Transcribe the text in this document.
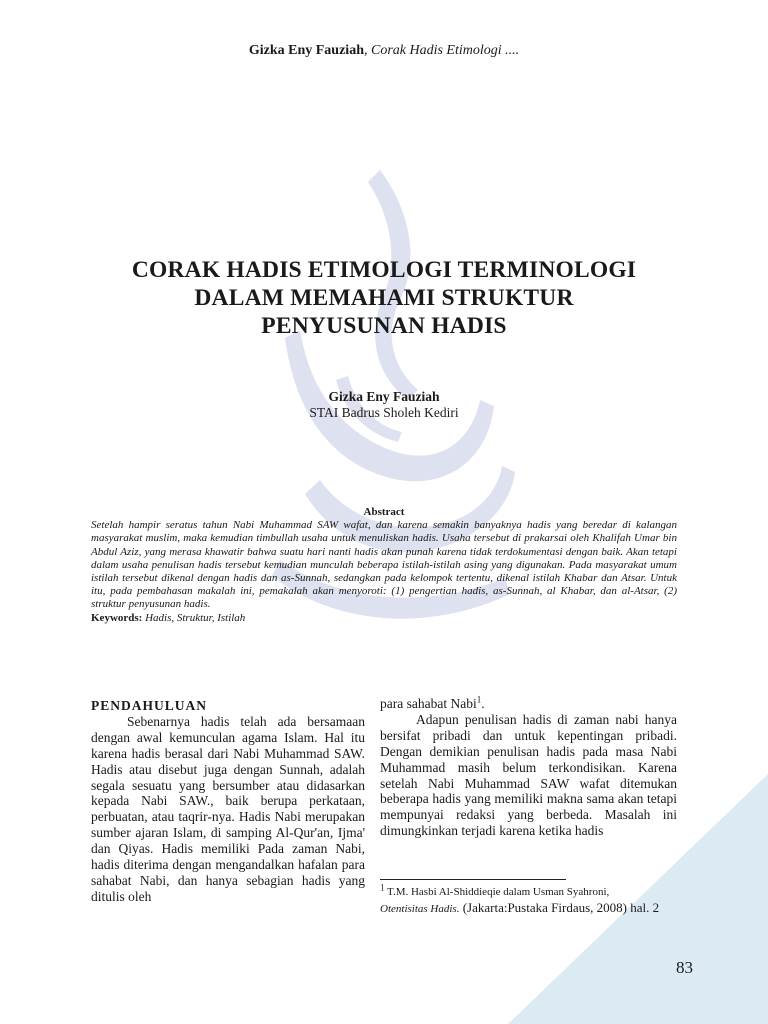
Gizka Eny Fauziah, Corak Hadis Etimologi ....
CORAK HADIS ETIMOLOGI TERMINOLOGI
DALAM MEMAHAMI STRUKTUR
PENYUSUNAN HADIS
Gizka Eny Fauziah
STAI Badrus Sholeh Kediri
Abstract
Setelah hampir seratus tahun Nabi Muhammad SAW wafat, dan karena semakin banyaknya hadis yang beredar di kalangan masyarakat muslim, maka kemudian timbullah usaha untuk menuliskan hadis. Usaha tersebut di prakarsai oleh Khalifah Umar bin Abdul Aziz, yang merasa khawatir bahwa suatu hari nanti hadis akan punah karena tidak terdokumentasi dengan baik. Akan tetapi dalam usaha penulisan hadis tersebut kemudian munculah beberapa istilah-istilah asing yang digunakan. Pada masyarakat umum istilah tersebut dikenal dengan hadis dan as-Sunnah, sedangkan pada kelompok tertentu, dikenal istilah Khabar dan Atsar. Untuk itu, pada pembahasan makalah ini, pemakalah akan menyoroti: (1) pengertian hadis, as-Sunnah, al Khabar, dan al-Atsar, (2) struktur penyusunan hadis.
Keywords: Hadis, Struktur, Istilah
PENDAHULUAN

Sebenarnya hadis telah ada bersamaan dengan awal kemunculan agama Islam. Hal itu karena hadis berasal dari Nabi Muhammad SAW. Hadis atau disebut juga dengan Sunnah, adalah segala sesuatu yang bersumber atau didasarkan kepada Nabi SAW., baik berupa perkataan, perbuatan, atau taqrir-nya. Hadis Nabi merupakan sumber ajaran Islam, di samping Al-Qur'an, Ijma' dan Qiyas. Hadis memiliki Pada zaman Nabi, hadis diterima dengan mengandalkan hafalan para sahabat Nabi, dan hanya sebagian hadis yang ditulis oleh

para sahabat Nabi$^1$.

Adapun penulisan hadis di zaman nabi hanya bersifat pribadi dan untuk kepentingan pribadi. Dengan demikian penulisan hadis pada masa Nabi Muhammad masih belum terkondisikan. Karena setelah Nabi Muhammad SAW wafat ditemukan beberapa hadis yang memiliki makna sama akan tetapi mempunyai redaksi yang berbeda. Masalah ini dimungkinkan terjadi karena ketika hadis

$^1$ T.M. Hasbi Al-Shiddieqie dalam Usman Syahroni,
Otentisitas Hadis. (Jakarta:Pustaka Firdaus, 2008) hal. 2
83
